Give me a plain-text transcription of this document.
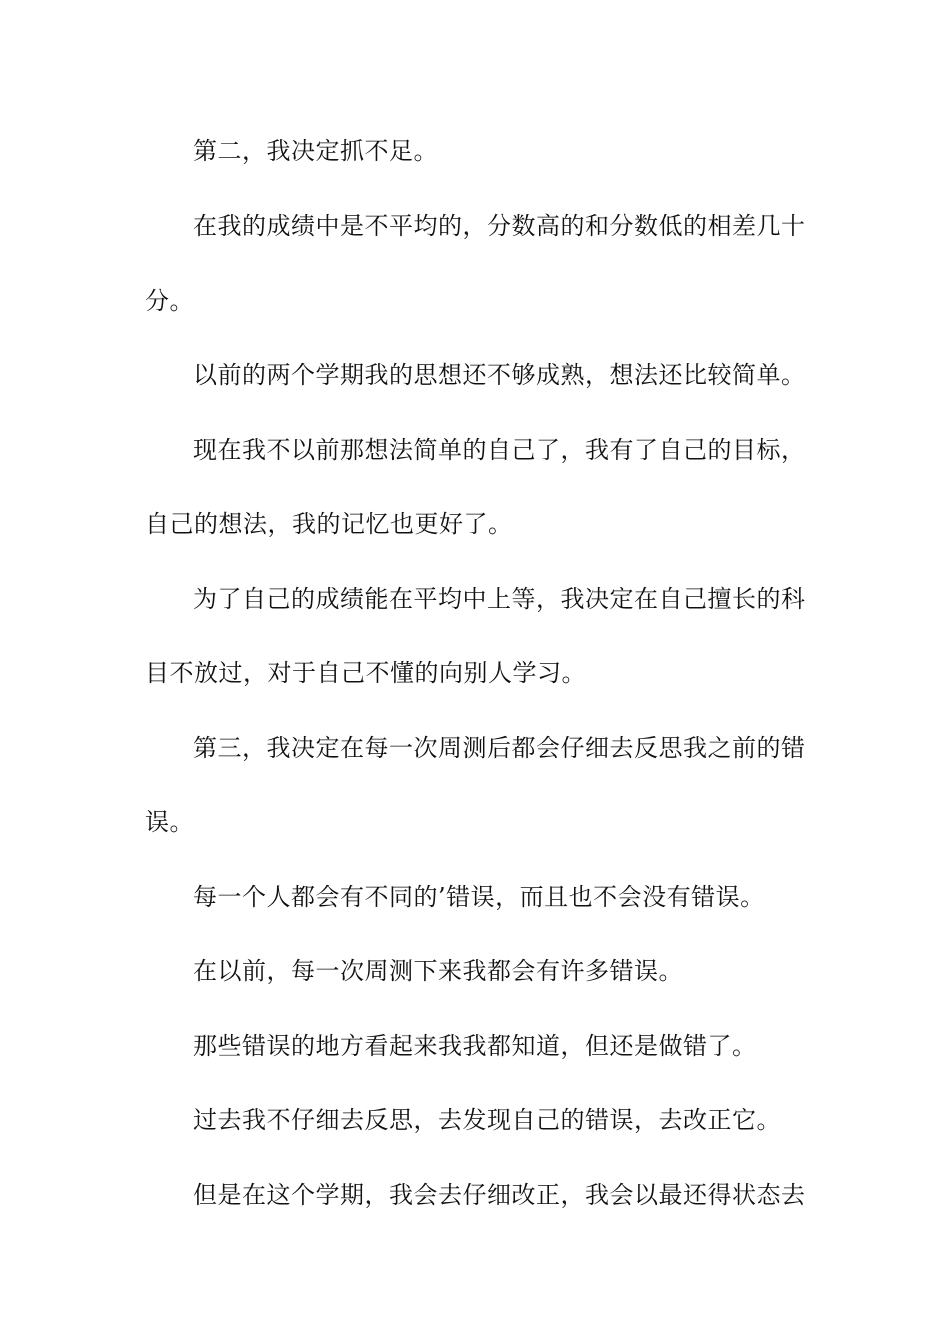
第二，我决定抓不足。
在我的成绩中是不平均的，分数高的和分数低的相差几十
分。
以前的两个学期我的思想还不够成熟，想法还比较简单。
现在我不以前那想法简单的自己了，我有了自己的目标，
自己的想法，我的记忆也更好了。
为了自己的成绩能在平均中上等，我决定在自己擅长的科
目不放过，对于自己不懂的向别人学习。
第三，我决定在每一次周测后都会仔细去反思我之前的错
误。
每一个人都会有不同的’错误，而且也不会没有错误。
在以前，每一次周测下来我都会有许多错误。
那些错误的地方看起来我我都知道，但还是做错了。
过去我不仔细去反思，去发现自己的错误，去改正它。
但是在这个学期，我会去仔细改正，我会以最还得状态去
